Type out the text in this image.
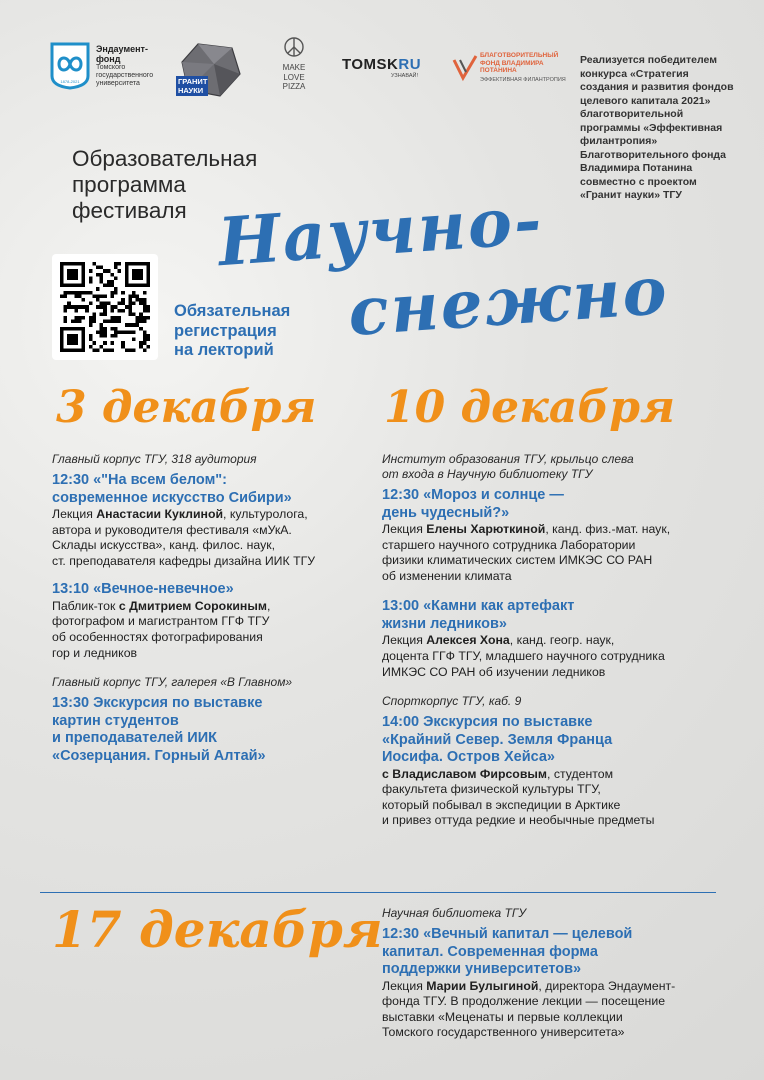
1878-2021
Эндаумент-
фонд
Томского
государственного
университета	ГРАНИТ
НАУКИ
MAKE
LOVE
PIZZA
TOMSKRU
УЗНАВАЙ!
БЛАГОТВОРИТЕЛЬНЫЙ
ФОНД ВЛАДИМИРА
ПОТАНИНА
ЭФФЕКТИВНАЯ ФИЛАНТРОПИЯ
Реализуется победителем
конкурса «Стратегия
создания и развития фондов
целевого капитала 2021»
благотворительной
программы «Эффективная
филантропия»
Благотворительного фонда
Владимира Потанина
совместно с проектом
«Гранит науки» ТГУ
Образовательная
программа
фестиваля Научно-
снежно
Обязательная
регистрация
на лекторий
3 декабря
Главный корпус ТГУ, 318 аудитория
12:30 «"На всем белом":
современное искусство Сибири»
Лекция Анастасии Куклиной, культуролога,
автора и руководителя фестиваля «мУкА.
Склады искусства», канд. филос. наук,
ст. преподавателя кафедры дизайна ИИК ТГУ
13:10 «Вечное-невечное»
Паблик-ток с Дмитрием Сорокиным,
фотографом и магистрантом ГГФ ТГУ
об особенностях фотографирования
гор и ледников
Главный корпус ТГУ, галерея «В Главном»
13:30 Экскурсия по выставке
картин студентов
и преподавателей ИИК
«Созерцания. Горный Алтай»
10 декабря
Институт образования ТГУ, крыльцо слева
от входа в Научную библиотеку ТГУ
12:30 «Мороз и солнце —
день чудесный?»
Лекция Елены Харюткиной, канд. физ.-мат. наук,
старшего научного сотрудника Лаборатории
физики климатических систем ИМКЭС СО РАН
об изменении климата
13:00 «Камни как артефакт
жизни ледников»
Лекция Алексея Хона, канд. геогр. наук,
доцента ГГФ ТГУ, младшего научного сотрудника
ИМКЭС СО РАН об изучении ледников
Спорткорпус ТГУ, каб. 9
14:00 Экскурсия по выставке
«Крайний Север. Земля Франца
Иосифа. Остров Хейса»
с Владиславом Фирсовым, студентом
факультета физической культуры ТГУ,
который побывал в экспедиции в Арктике
и привез оттуда редкие и необычные предметы
17 декабря Научная библиотека ТГУ
12:30 «Вечный капитал — целевой
капитал. Современная форма
поддержки университетов»
Лекция Марии Булыгиной, директора Эндаумент-
фонда ТГУ. В продолжение лекции — посещение
выставки «Меценаты и первые коллекции
Томского государственного университета»
